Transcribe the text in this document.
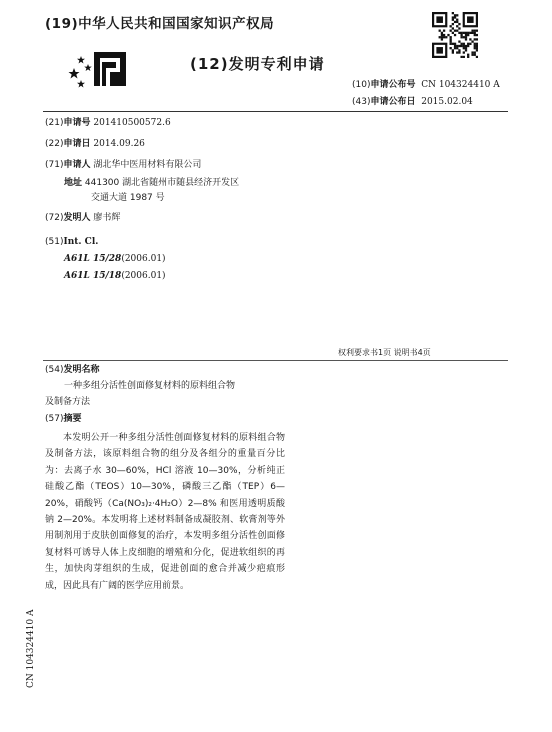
(19)中华人民共和国国家知识产权局
(12)发明专利申请
(10)申请公布号 CN 104324410 A
(43)申请公布日 2015.02.04
(21)申请号 201410500572.6
(22)申请日 2014.09.26
(71)申请人 湖北华中医用材料有限公司
地址 441300 湖北省随州市随县经济开发区
交通大道 1987 号
(72)发明人 廖书辉
(51)Int. Cl.
A61L 15/28(2006.01)
A61L 15/18(2006.01)
权利要求书1页 说明书4页
(54)发明名称
一种多组分活性创面修复材料的原料组合物
及制备方法
(57)摘要

本发明公开一种多组分活性创面修复材料的原料组合物及制备方法，该原料组合物的组分及各组分的重量百分比为：去离子水 30—60%，HCl 溶液 10—30%，分析纯正硅酸乙酯（TEOS）10—30%，磷酸三乙酯（TEP）6—20%，硝酸钙（Ca(NO₃)₂·4H₂O）2—8% 和医用透明质酸钠 2—20%。本发明将上述材料制备成凝胶剂、软膏剂等外用制剂用于皮肤创面修复的治疗，本发明多组分活性创面修复材料可诱导人体上皮细胞的增殖和分化，促进软组织的再生，加快肉芽组织的生成，促进创面的愈合并减少疤痕形成，因此具有广阔的医学应用前景。

CN 104324410 A
